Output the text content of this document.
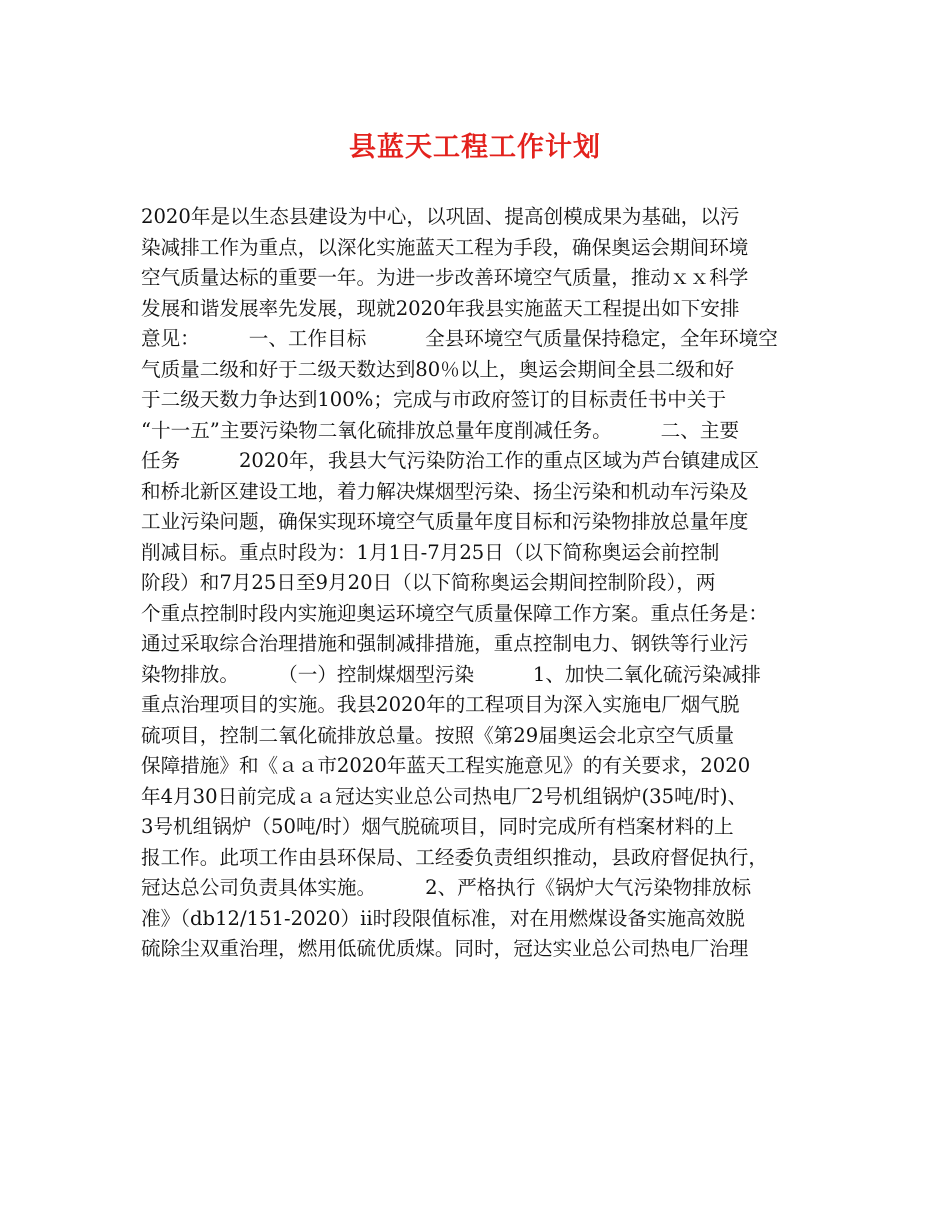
县蓝天工程工作计划
2020年是以生态县建设为中心，以巩固、提高创模成果为基础，以污
染减排工作为重点，以深化实施蓝天工程为手段，确保奥运会期间环境
空气质量达标的重要一年。为进一步改善环境空气质量，推动ｘｘ科学
发展和谐发展率先发展，现就2020年我县实施蓝天工程提出如下安排
意见：　　　一、工作目标　　　全县环境空气质量保持稳定，全年环境空
气质量二级和好于二级天数达到80％以上，奥运会期间全县二级和好
于二级天数力争达到100%；完成与市政府签订的目标责任书中关于
“十一五”主要污染物二氧化硫排放总量年度削减任务。　　　二、主要
任务　　　2020年，我县大气污染防治工作的重点区域为芦台镇建成区
和桥北新区建设工地，着力解决煤烟型污染、扬尘污染和机动车污染及
工业污染问题，确保实现环境空气质量年度目标和污染物排放总量年度
削减目标。重点时段为：1月1日-7月25日（以下简称奥运会前控制
阶段）和7月25日至9月20日（以下简称奥运会期间控制阶段），两
个重点控制时段内实施迎奥运环境空气质量保障工作方案。重点任务是：
通过采取综合治理措施和强制减排措施，重点控制电力、钢铁等行业污
染物排放。　　　（一）控制煤烟型污染　　　1、加快二氧化硫污染减排
重点治理项目的实施。我县2020年的工程项目为深入实施电厂烟气脱
硫项目，控制二氧化硫排放总量。按照《第29届奥运会北京空气质量
保障措施》和《ａａ市2020年蓝天工程实施意见》的有关要求，2020
年4月30日前完成ａａ冠达实业总公司热电厂2号机组锅炉(35吨/时)、
3号机组锅炉（50吨/时）烟气脱硫项目，同时完成所有档案材料的上
报工作。此项工作由县环保局、工经委负责组织推动，县政府督促执行，
冠达总公司负责具体实施。　　　2、严格执行《锅炉大气污染物排放标
准》（db12/151-2020）ⅱ时段限值标准，对在用燃煤设备实施高效脱
硫除尘双重治理，燃用低硫优质煤。同时，冠达实业总公司热电厂治理
